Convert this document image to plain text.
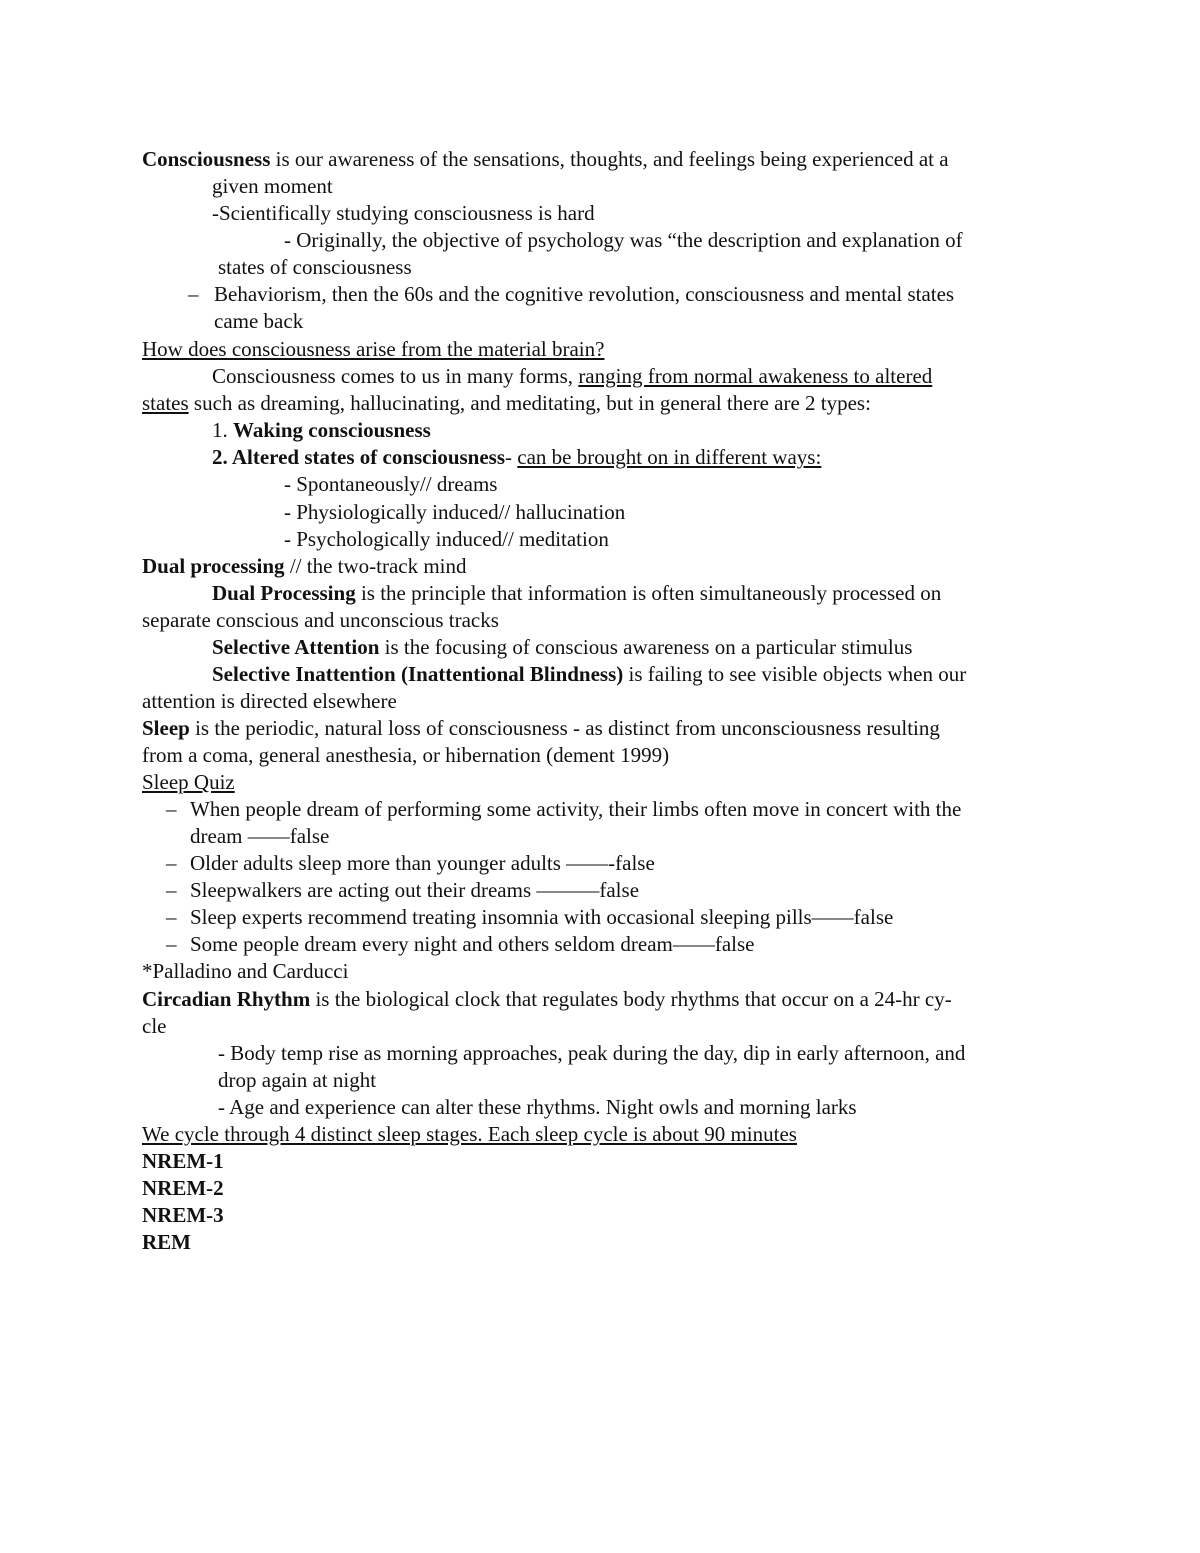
Consciousness is our awareness of the sensations, thoughts, and feelings being experienced at a
given moment
-Scientifically studying consciousness is hard
- Originally, the objective of psychology was “the description and explanation of
states of consciousness
– Behaviorism, then the 60s and the cognitive revolution, consciousness and mental states
came back
How does consciousness arise from the material brain?
Consciousness comes to us in many forms, ranging from normal awakeness to altered
states such as dreaming, hallucinating, and meditating, but in general there are 2 types:
1. Waking consciousness
2. Altered states of consciousness- can be brought on in different ways:
- Spontaneously// dreams
- Physiologically induced// hallucination
- Psychologically induced// meditation
Dual processing // the two-track mind
Dual Processing is the principle that information is often simultaneously processed on
separate conscious and unconscious tracks
Selective Attention is the focusing of conscious awareness on a particular stimulus
Selective Inattention (Inattentional Blindness) is failing to see visible objects when our
attention is directed elsewhere
Sleep is the periodic, natural loss of consciousness - as distinct from unconsciousness resulting
from a coma, general anesthesia, or hibernation (dement 1999)
Sleep Quiz
– When people dream of performing some activity, their limbs often move in concert with the
dream ——false
– Older adults sleep more than younger adults ——-false
– Sleepwalkers are acting out their dreams ———false
– Sleep experts recommend treating insomnia with occasional sleeping pills——false
– Some people dream every night and others seldom dream——false
*Palladino and Carducci
Circadian Rhythm is the biological clock that regulates body rhythms that occur on a 24-hr cy-
cle
- Body temp rise as morning approaches, peak during the day, dip in early afternoon, and
drop again at night
- Age and experience can alter these rhythms. Night owls and morning larks
We cycle through 4 distinct sleep stages. Each sleep cycle is about 90 minutes
NREM-1
NREM-2
NREM-3
REM
